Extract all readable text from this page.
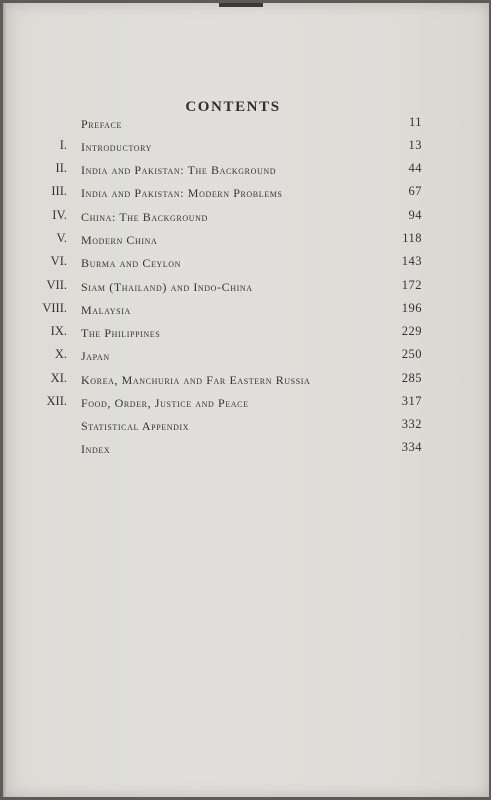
CONTENTS
Preface	11
I. Introductory	13
II. India and Pakistan: The Background	44
III. India and Pakistan: Modern Problems	67
IV. China: The Background	94
V. Modern China	118
VI. Burma and Ceylon	143
VII. Siam (Thailand) and Indo-China	172
VIII. Malaysia	196
IX. The Philippines	229
X. Japan	250
XI. Korea, Manchuria and Far Eastern Russia	285
XII. Food, Order, Justice and Peace	317
Statistical Appendix	332
Index	334
